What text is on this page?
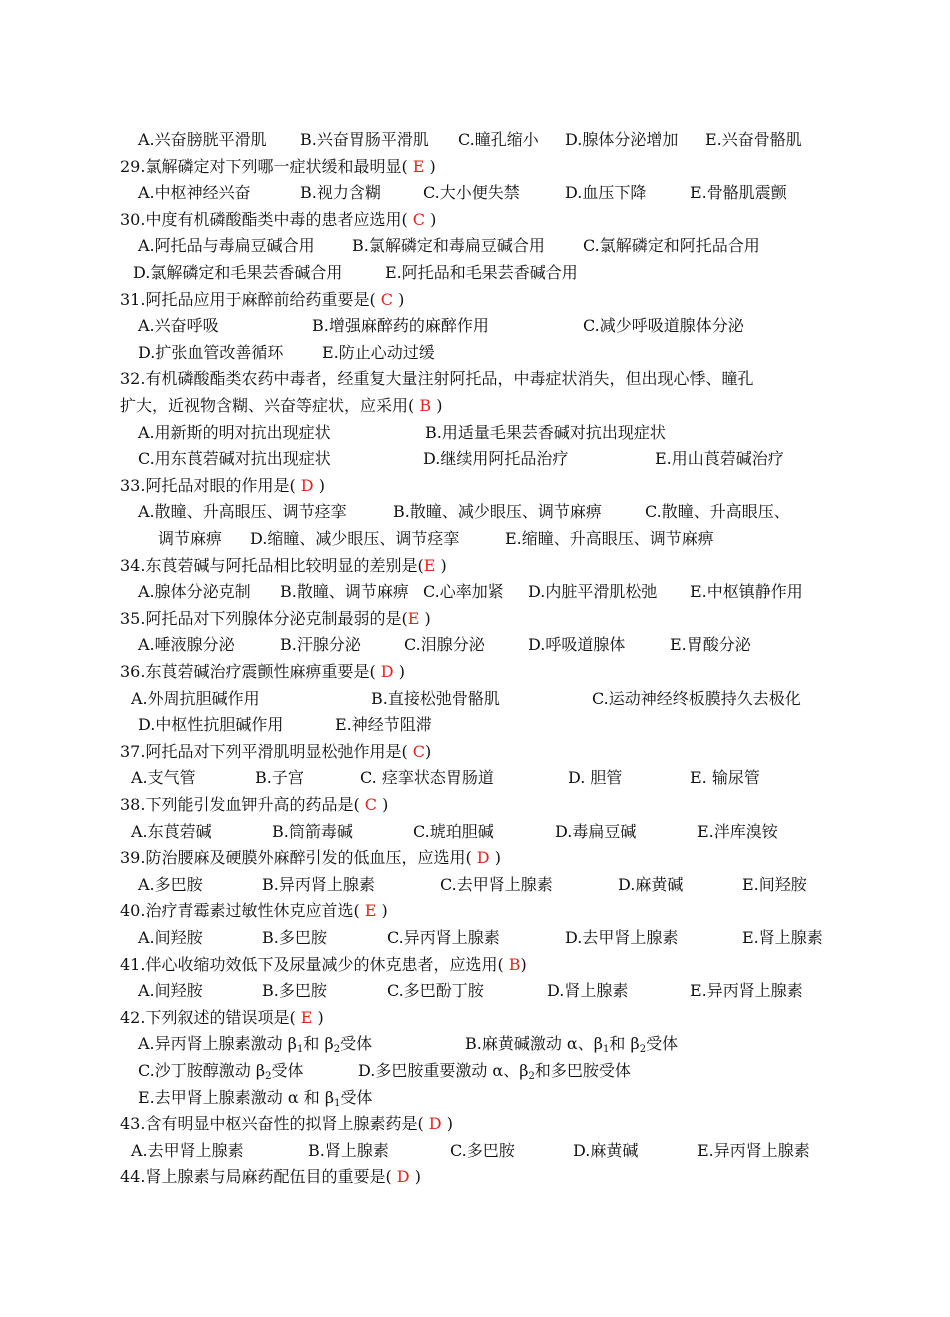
A.兴奋膀胱平滑肌 B.兴奋胃肠平滑肌 C.瞳孔缩小 D.腺体分泌增加 E.兴奋骨骼肌
29.氯解磷定对下列哪一症状缓和最明显( E )
A.中枢神经兴奋	B.视力含糊	C.大小便失禁	D.血压下降	E.骨骼肌震颤
30.中度有机磷酸酯类中毒的患者应选用( C )
A.阿托品与毒扁豆碱合用 B.氯解磷定和毒扁豆碱合用 C.氯解磷定和阿托品合用
D.氯解磷定和毛果芸香碱合用	E.阿托品和毛果芸香碱合用
31.阿托品应用于麻醉前给药重要是( C )
A.兴奋呼吸	B.增强麻醉药的麻醉作用	C.减少呼吸道腺体分泌
D.扩张血管改善循环 E.防止心动过缓
32.有机磷酸酯类农药中毒者，经重复大量注射阿托品，中毒症状消失，但出现心悸、瞳孔
扩大，近视物含糊、兴奋等症状，应采用( B )
A.用新斯的明对抗出现症状	B.用适量毛果芸香碱对抗出现症状
C.用东莨菪碱对抗出现症状	D.继续用阿托品治疗	E.用山莨菪碱治疗
33.阿托品对眼的作用是( D )
A.散瞳、升高眼压、调节痉挛	B.散瞳、减少眼压、调节麻痹	C.散瞳、升高眼压、
调节麻痹 D.缩瞳、减少眼压、调节痉挛	E.缩瞳、升高眼压、调节麻痹
34.东莨菪碱与阿托品相比较明显的差别是(E )
A.腺体分泌克制 B.散瞳、调节麻痹 C.心率加紧 D.内脏平滑肌松弛 E.中枢镇静作用
35.阿托品对下列腺体分泌克制最弱的是(E )
A.唾液腺分泌	B.汗腺分泌	C.泪腺分泌	D.呼吸道腺体	E.胃酸分泌
36.东莨菪碱治疗震颤性麻痹重要是( D )
A.外周抗胆碱作用	B.直接松弛骨骼肌	C.运动神经终板膜持久去极化
D.中枢性抗胆碱作用	E.神经节阻滞
37.阿托品对下列平滑肌明显松弛作用是( C)
A.支气管	B.子宫	C. 痉挛状态胃肠道	D. 胆管	E. 输尿管
38.下列能引发血钾升高的药品是( C )
A.东莨菪碱	B.筒箭毒碱	C.琥珀胆碱	D.毒扁豆碱	E.泮库溴铵
39.防治腰麻及硬膜外麻醉引发的低血压，应选用( D )
A.多巴胺	B.异丙肾上腺素	C.去甲肾上腺素	D.麻黄碱	E.间羟胺
40.治疗青霉素过敏性休克应首选( E )
A.间羟胺	B.多巴胺	C.异丙肾上腺素	D.去甲肾上腺素	E.肾上腺素
41.伴心收缩功效低下及尿量减少的休克患者，应选用( B)
A.间羟胺	B.多巴胺	C.多巴酚丁胺	D.肾上腺素	E.异丙肾上腺素
42.下列叙述的错误项是( E )
A.异丙肾上腺素激动 $\beta_1$和 $\beta_2$受体	B.麻黄碱激动 α、$\beta_1$和 $\beta_2$受体
C.沙丁胺醇激动 $\beta_2$受体	D.多巴胺重要激动 α、$\beta_2$和多巴胺受体
E.去甲肾上腺素激动 α 和 $\beta_1$受体
43.含有明显中枢兴奋性的拟肾上腺素药是( D )
A.去甲肾上腺素	B.肾上腺素	C.多巴胺	D.麻黄碱	E.异丙肾上腺素
44.肾上腺素与局麻药配伍目的重要是( D )
